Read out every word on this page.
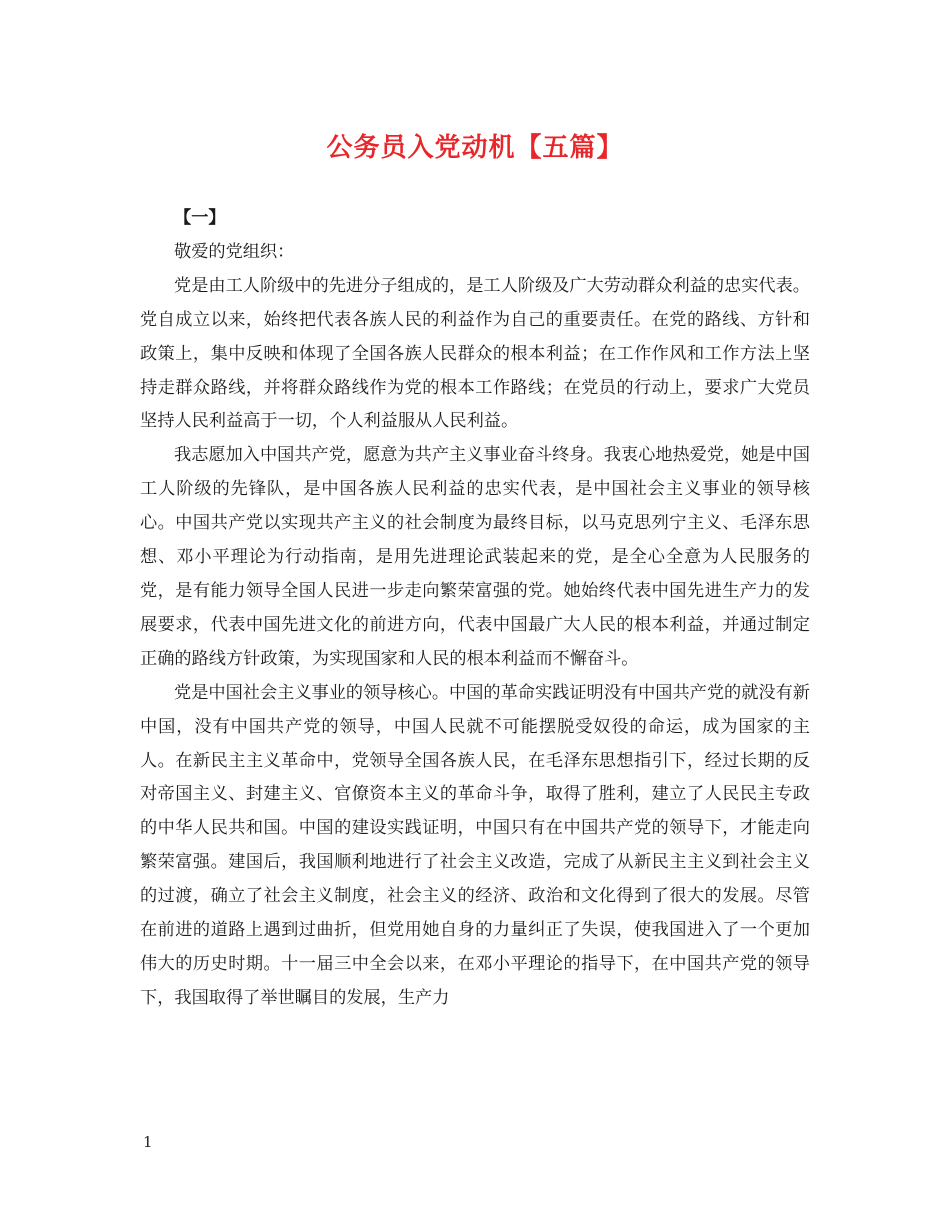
公务员入党动机【五篇】

【一】

敬爱的党组织：

党是由工人阶级中的先进分子组成的，是工人阶级及广大劳动群众利益的忠实代表。党自成立以来，始终把代表各族人民的利益作为自己的重要责任。在党的路线、方针和政策上，集中反映和体现了全国各族人民群众的根本利益；在工作作风和工作方法上坚持走群众路线，并将群众路线作为党的根本工作路线；在党员的行动上，要求广大党员坚持人民利益高于一切，个人利益服从人民利益。

我志愿加入中国共产党，愿意为共产主义事业奋斗终身。我衷心地热爱党，她是中国工人阶级的先锋队，是中国各族人民利益的忠实代表，是中国社会主义事业的领导核心。中国共产党以实现共产主义的社会制度为最终目标，以马克思列宁主义、毛泽东思想、邓小平理论为行动指南，是用先进理论武装起来的党，是全心全意为人民服务的党，是有能力领导全国人民进一步走向繁荣富强的党。她始终代表中国先进生产力的发展要求，代表中国先进文化的前进方向，代表中国最广大人民的根本利益，并通过制定正确的路线方针政策，为实现国家和人民的根本利益而不懈奋斗。

党是中国社会主义事业的领导核心。中国的革命实践证明没有中国共产党的就没有新中国，没有中国共产党的领导，中国人民就不可能摆脱受奴役的命运，成为国家的主人。在新民主主义革命中，党领导全国各族人民，在毛泽东思想指引下，经过长期的反对帝国主义、封建主义、官僚资本主义的革命斗争，取得了胜利，建立了人民民主专政的中华人民共和国。中国的建设实践证明，中国只有在中国共产党的领导下，才能走向繁荣富强。建国后，我国顺利地进行了社会主义改造，完成了从新民主主义到社会主义的过渡，确立了社会主义制度，社会主义的经济、政治和文化得到了很大的发展。尽管在前进的道路上遇到过曲折，但党用她自身的力量纠正了失误，使我国进入了一个更加伟大的历史时期。十一届三中全会以来，在邓小平理论的指导下，在中国共产党的领导下，我国取得了举世瞩目的发展，生产力

1
